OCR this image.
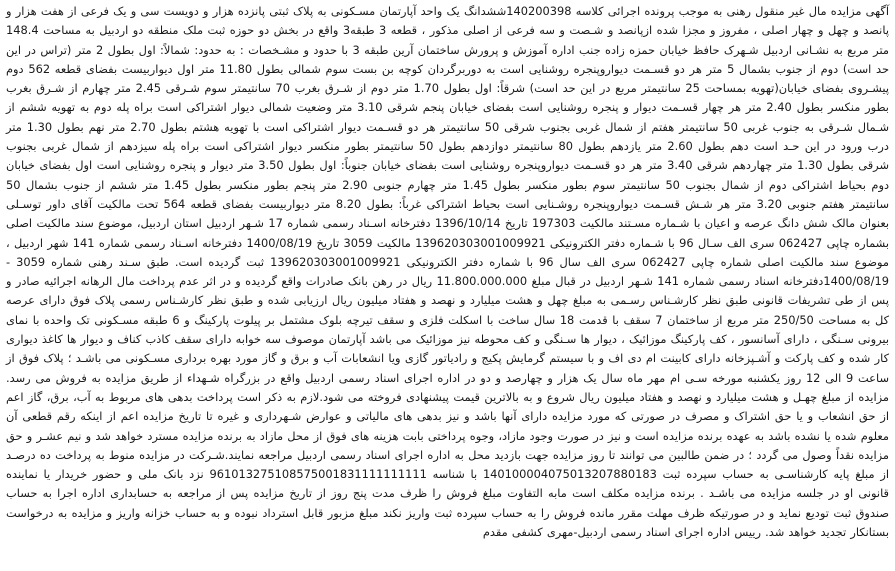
آگهی مزایده مال غیر منقول رهنی به موجب پرونده اجرائی کلاسه 140200398ششدانگ یک واحد آپارتمان مسـکونی به پلاک ثبتی پانزده هزار و دویست سی و یک فرعی از هفت هزار و پانصد و چهل و چهار اصلی ، مفروز و مجزا شده ازپانصد و شـصت و سه فرعی از اصلی مذکور ، قطعه 3 طبقه3 واقع در بخش دو حوزه ثبت ملک منطقه دو اردبیل به مساحت 148.4 متر مربع به نشـانی اردبیل شـهرک حافظ خیابان حمزه زاده جنب اداره آموزش و پرورش ساختمان آرین طبقه 3 با حدود و مشـخصات : به حدود: شمالاً: اول بطول 2 متر (تراس در این حد است) دوم از جنوب بشمال 5 متر هر دو قسـمت دیوارو‌پنجره روشنایی است به دوربرگردان کوچه بن بست سوم شمالی بطول 11.80 متر اول دیواربیست بفضای قطعه 562 دوم پیشـروی بفضای خیابان(تهویه بمساحت 25 سانتیمتر مربع در این حد است) شرقاً: اول بطول 1.70 متر دوم از شـرق بغرب 70 سانتیمتر سوم شـرقی 2.45 متر چهارم از شـرق بغرب بطور منکسر بطول 2.40 متر هر چهار قسـمت دیوار و پنجره روشنایی است بفضای خیابان پنجم شرقی 3.10 متر وضعیت شمالی دیوار اشتراکی است براه پله دوم به تهویه ششم از شـمال شـرقی به جنوب غربی 50 سانتیمتر هفتم از شمال غربی بجنوب شرقی 50 سانتیمتر هر دو قسـمت دیوار اشتراکی است با تهویه هشتم بطول 2.70 متر نهم بطول 1.30 متر درب ورود در این حـد است دهم بطول 2.60 متر یازدهم بطول 80 سانتیمتر دوازدهم بطول 50 سانتیمتر بطور منکسر دیوار اشتراکی است براه پله سیزدهم از شمال غربی بجنوب شرقی بطول 1.30 متر چهاردهم شرقی 3.40 متر هر دو قسـمت دیواروپنجره روشنایی است بفضای خیابان جنوباً: اول بطول 3.50 متر دیوار و پنجره روشنایی است اول بفضای خیابان دوم بحیاط اشتراکی دوم از شمال بجنوب 50 سانتیمتر سوم بطور منکسر بطول 1.45 متر چهارم جنوبی 2.90 متر پنجم بطور منکسر بطول 1.45 متر ششم از جنوب بشمال 50 سانتیمتر هفتم جنوبی 3.20 متر هر شـش قسـمت دیواروپنجره روشـنایی است بحیاط اشتراکی غرباً: بطول 8.20 متر دیواربیست بفضای قطعه 564 تحت مالکیت آقای داور توسـلی بعنوان مالک شش دانگ عرصه و اعیان با شـماره مسـتند مالکیت 197303 تاریخ 1396/10/14 دفترخانه اسـناد رسمی شماره 17 شـهر اردبیل استان اردبیل، موضوع سند مالکیت اصلی بشماره چاپی 062427 سری الف سـال 96 با شـماره دفتر الکترونیکی 139620303001009921 مالکیت 3059 تاریخ 1400/08/19 دفترخانه اسـناد رسمی شماره 141 شهر اردبیل ، موضوع سند مالکیت اصلی شماره چاپی 062427 سری الف سال 96 با شماره دفتر الکترونیکی 139620303001009921 ثبت گردیده است. طبق سـند رهنی شماره 3059 - 1400/08/19دفترخانه اسناد رسمی شماره 141 شـهر اردبیل در قبال مبلغ 11.800.000.000 ریال در رهن بانک صادرات واقع گردیده و در اثر عدم پرداخت مال الرهانه اجرائیه صادر و پس از طی تشریفات قانونی طبق نظر کارشـناس رسـمی به مبلغ چهل و هشت میلیارد و نهصد و هفتاد میلیون ریال ارزیابی شده و طبق نظر کارشـناس رسمی پلاک فوق دارای عرصه کل به مساحت 250/50 متر مربع از ساختمان 7 سقف با قدمت 18 سال ساخت با اسکلت فلزی و سقف تیرچه بلوک مشتمل بر پیلوت پارکینگ و 6 طبقه مسـکونی تک واحده با نمای بیرونی سـنگی ، دارای آسانسور ، کف پارکینگ موزائیک ، دیوار ها سـنگی و کف محوطه نیز موزائیک می باشد آپارتمان موصوف سه خوابه دارای سقف کاذب کناف و دیوار ها کاغذ دیواری کار شده و کف پارکت و آشـپزخانه دارای کابینت ام دی اف و با سیستم گرمایش پکیج و رادیاتور گازی ویا انشعابات آب و برق و گاز مورد بهره برداری مسـکونی می باشـد ؛ پلاک فوق از ساعت 9 الی 12 روز یکشنبه مورخه سـی ام مهر ماه سال یک هزار و چهارصد و دو در اداره اجرای اسناد رسمی اردبیل واقع در بزرگراه شـهداء از طریق مزایده به فروش می رسد. مزایده از مبلغ چهـل و هشت میلیارد و نهصد و هفتاد میلیون ریال شروع و به بالاترین قیمت پیشنهادی فروخته می شود.لازم به ذکر است پرداخت بدهی های مربوط به آب، برق، گاز اعم از حق انشعاب و یا حق اشتراک و مصرف در صورتی که مورد مزایده دارای آنها باشد و نیز بدهی های مالیاتی و عوارض شـهرداری و غیره تا تاریخ مزایده اعم از اینکه رقم قطعی آن معلوم شده یا نشده باشد به عهده برنده مزایده است و نیز در صورت وجود مازاد، وجوه پرداختی بابت هزینه های فوق از محل مازاد به برنده مزایده مسترد خواهد شد و نیم عشـر و حق مزایده نقداً وصول می گردد ؛ در ضمن طالبین می توانند تا روز مزایده جهت بازدید محل به اداره اجرای اسناد رسمی اردبیل مراجعه نمایند.شـرکت در مزایده منوط به پرداخت ده درصـد از مبلغ پایه کارشناسـی به حساب سپرده ثبت 140100004075013207880183 با شناسه 961013275108575001831111111111 نزد بانک ملی و حضور خریدار یا نماینده قانونی او در جلسه مزایده می باشـد . برنده مزایده مکلف است مابه التفاوت مبلغ فروش را ظرف مدت پنج روز از تاریخ مزایده پس از مراجعه به حسابداری اداره اجرا به حساب صندوق ثبت تودیع نماید و در صورتیکه ظرف مهلت مقرر مانده فروش را به حساب سپرده ثبت واریز نکند مبلغ مزبور قابل استرداد نبوده و به حساب خزانه واریز و مزایده به درخواست بستانکار تجدید خواهد شد. رییس اداره اجرای اسناد رسمی اردبیل-مهری کشفی مقدم
